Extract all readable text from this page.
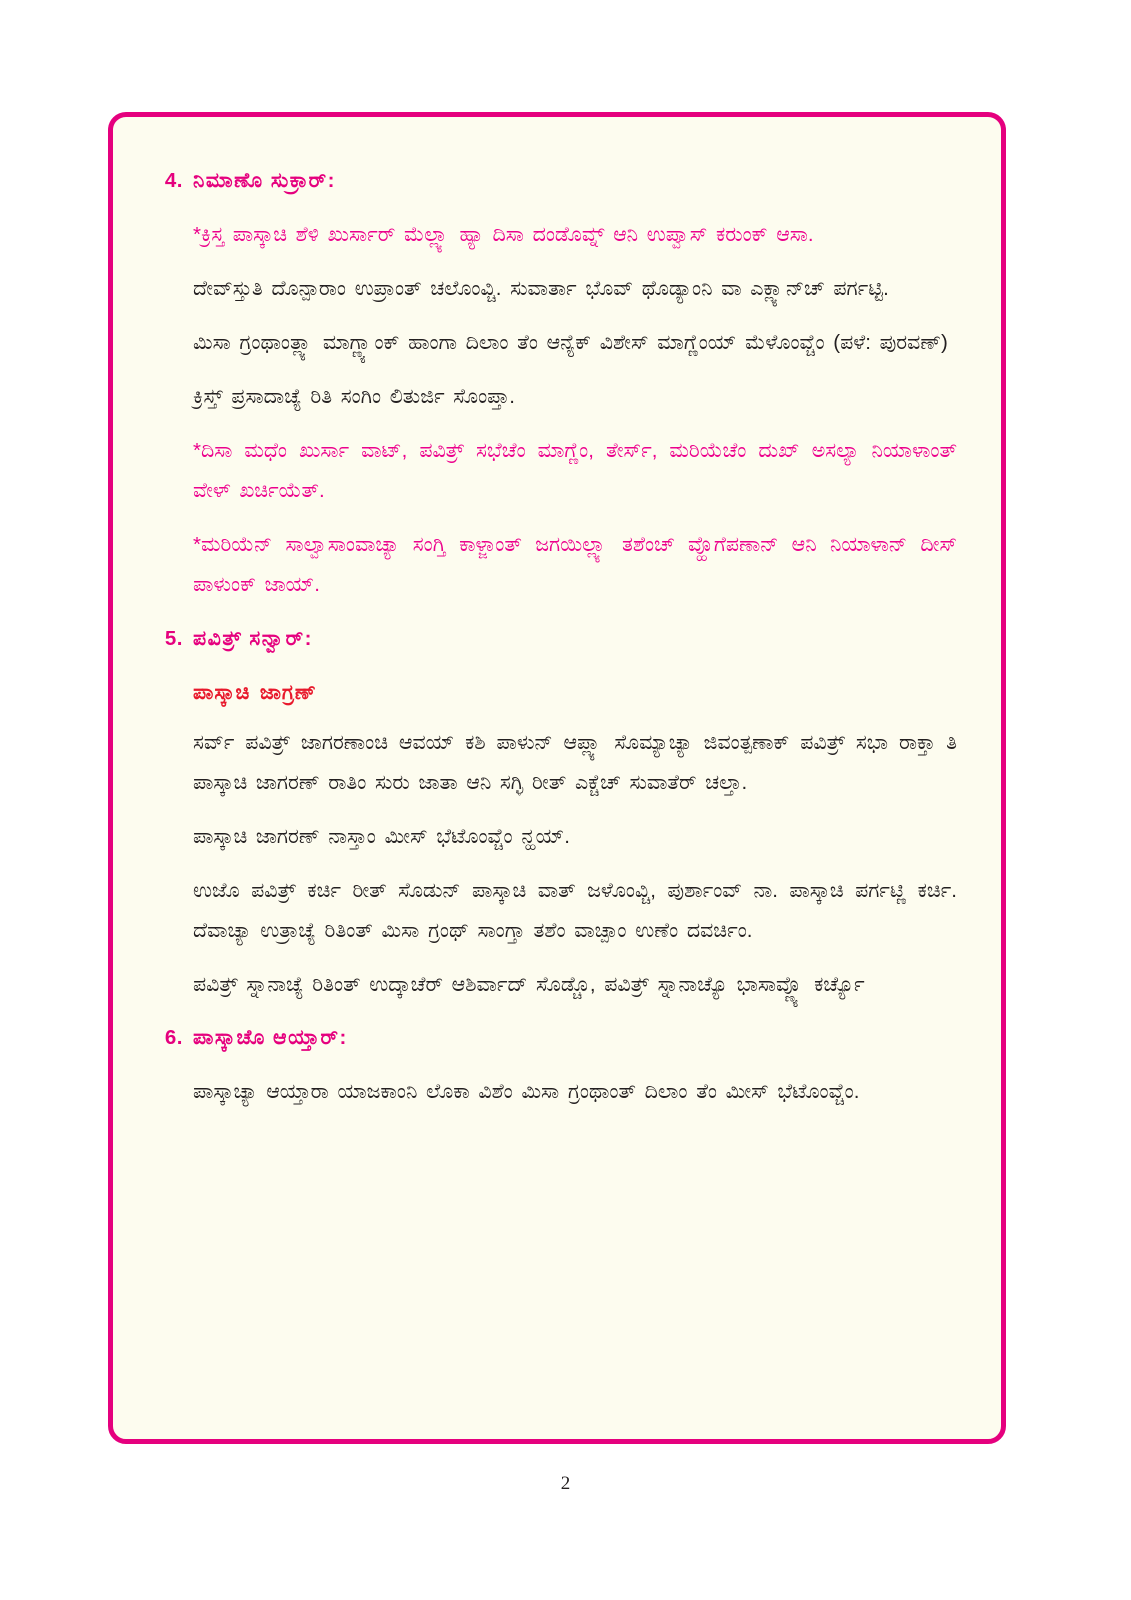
4. ನಿಮಾಣೊ ಸುಕ್ರಾರ್:

*ಕ್ರಿಸ್ತ ಪಾಸ್ಕಾಚಿ ಶೆಳಿ ಖುರ್ಸಾರ್ ಮೆಲ್ಲ್ಯಾ ಹ್ಯಾ ದಿಸಾ ದಂಡೊವ್ನ್ ಆನಿ ಉಪ್ವಾಸ್ ಕರುಂಕ್ ಆಸಾ.

ದೇವ್‌ಸ್ತುತಿ ದೊನ್ಪಾರಾಂ ಉಪ್ರಾಂತ್ ಚಲೊಂವ್ಚಿ. ಸುವಾರ್ತಾ ಭೊವ್ ಥೊಡ್ಯಾಂನಿ ವಾ ಎಕ್ಲ್ಯಾನ್‌ಚ್ ಪರ್ಗಟ್ಟಿ.

ಮಿಸಾ ಗ್ರಂಥಾಂತ್ಲ್ಯಾ ಮಾಗ್ಣ್ಯಾಂಕ್ ಹಾಂಗಾ ದಿಲಾಂ ತೆಂ ಆನ್ಯೆಕ್ ವಿಶೇಸ್ ಮಾಗ್ಣೆಂಯ್ ಮೆಳೊಂವ್ಚೆಂ (ಪಳೆ: ಪುರವಣ್)

ಕ್ರಿಸ್ತ್ ಪ್ರಸಾದಾಚ್ಯೆ ರಿತಿ ಸಂಗಿಂ ಲಿತುರ್ಜಿ ಸೊಂಪ್ತಾ.

*ದಿಸಾ ಮಧೆಂ ಖುರ್ಸಾ ವಾಟ್, ಪವಿತ್ರ್ ಸಭೆಚೆಂ ಮಾಗ್ಣೆಂ, ತೇರ್ಸ್, ಮರಿಯೆಚೆಂ ದುಖ್ ಅಸಲ್ಯಾ ನಿಯಾಳಾಂತ್ ವೇಳ್ ಖರ್ಚಿಯೆತ್.

*ಮರಿಯೆನ್ ಸಾಲ್ವಾಸಾಂವಾಚ್ಯಾ ಸಂಗ್ತಿ ಕಾಳ್ಜಾಂತ್ ಜಗಯಿಲ್ಲ್ಯಾ ತಶೆಂಚ್ ವ್ಹೊಗೆಪಣಾನ್ ಆನಿ ನಿಯಾಳಾನ್ ದೀಸ್ ಪಾಳುಂಕ್ ಜಾಯ್.

5. ಪವಿತ್ರ್ ಸನ್ವಾರ್:

ಪಾಸ್ಕಾಚಿ ಜಾಗ್ರಣ್

ಸರ್ವ್ ಪವಿತ್ರ್ ಜಾಗರಣಾಂಚಿ ಆವಯ್ ಕಶಿ ಪಾಳುನ್ ಆಪ್ಲ್ಯಾ ಸೊಮ್ಯಾಚ್ಯಾ ಜಿವಂತ್ಪಣಾಕ್ ಪವಿತ್ರ್ ಸಭಾ ರಾಕ್ತಾ ತಿ ಪಾಸ್ಕಾಚಿ ಜಾಗರಣ್ ರಾತಿಂ ಸುರು ಜಾತಾ ಆನಿ ಸಗ್ಳಿ ರೀತ್ ಎಕ್ಚೆಚ್ ಸುವಾತೆರ್ ಚಲ್ತಾ.

ಪಾಸ್ಕಾಚಿ ಜಾಗರಣ್ ನಾಸ್ತಾಂ ಮೀಸ್ ಭೆಟೊಂವ್ಚೆಂ ನ್ಹಯ್.

ಉಜೊ ಪವಿತ್ರ್ ಕರ್ಚಿ ರೀತ್ ಸೊಡುನ್ ಪಾಸ್ಕಾಚಿ ವಾತ್ ಜಳೊಂವ್ಚಿ, ಪುರ್ಶಾಂವ್ ನಾ. ಪಾಸ್ಕಾಚಿ ಪರ್ಗಟ್ಣಿ ಕರ್ಚಿ. ದೆವಾಚ್ಯಾ ಉತ್ರಾಚ್ಯೆ ರಿತಿಂತ್ ಮಿಸಾ ಗ್ರಂಥ್ ಸಾಂಗ್ತಾ ತಶೆಂ ವಾಚ್ಪಾಂ ಉಣೆಂ ದವರ್ಚಿಂ.

ಪವಿತ್ರ್ ಸ್ನಾನಾಚ್ಯೆ ರಿತಿಂತ್ ಉದ್ಕಾಚೆರ್ ಆಶಿರ್ವಾದ್ ಸೊಡ್ಚೊ, ಪವಿತ್ರ್ ಸ್ನಾನಾಚ್ಯೊ ಭಾಸಾವ್ಣ್ಯೊ ಕರ್ಚ್ಯೊ

6. ಪಾಸ್ಕಾಚೊ ಆಯ್ತಾರ್:

ಪಾಸ್ಕಾಚ್ಯಾ ಆಯ್ತಾರಾ ಯಾಜಕಾಂನಿ ಲೊಕಾ ವಿಶೆಂ ಮಿಸಾ ಗ್ರಂಥಾಂತ್ ದಿಲಾಂ ತೆಂ ಮೀಸ್ ಭೆಟೊಂವ್ಚೆಂ.

2
